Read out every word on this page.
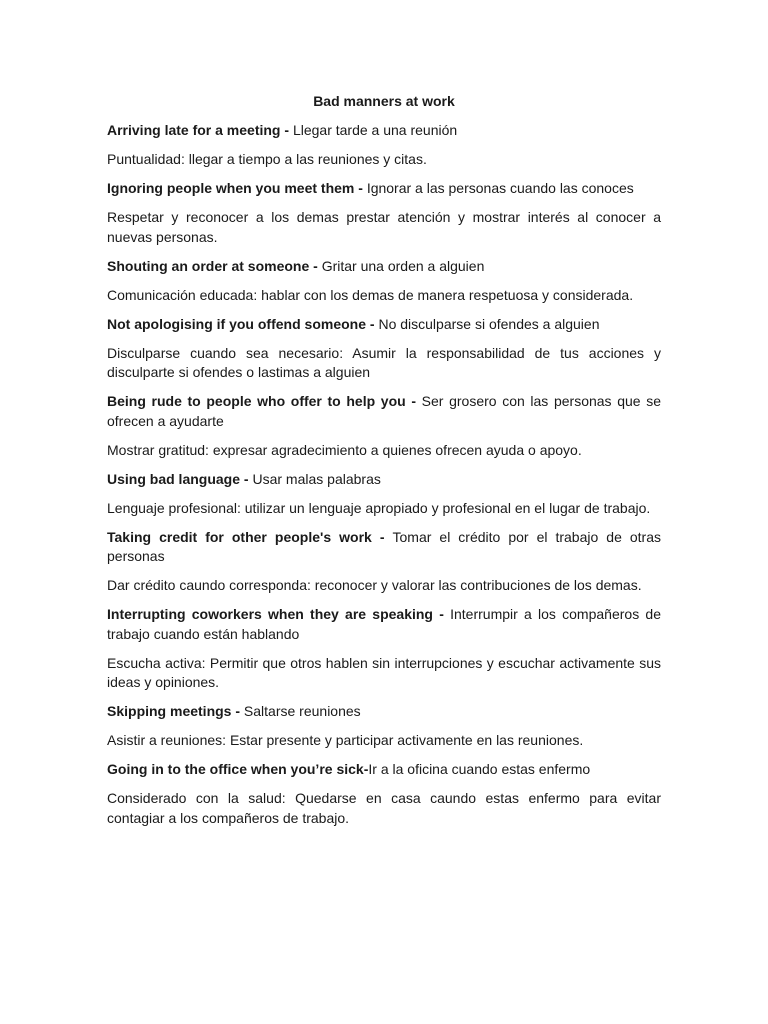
Bad manners at work

Arriving late for a meeting - Llegar tarde a una reunión

Puntualidad: llegar a tiempo a las reuniones y citas.

Ignoring people when you meet them - Ignorar a las personas cuando las conoces

Respetar y reconocer a los demas prestar atención y mostrar interés al conocer a nuevas personas.

Shouting an order at someone - Gritar una orden a alguien

Comunicación educada: hablar con los demas de manera respetuosa y considerada.

Not apologising if you offend someone - No disculparse si ofendes a alguien

Disculparse cuando sea necesario: Asumir la responsabilidad de tus acciones y disculparte si ofendes o lastimas a alguien

Being rude to people who offer to help you - Ser grosero con las personas que se ofrecen a ayudarte

Mostrar gratitud: expresar agradecimiento a quienes ofrecen ayuda o apoyo.

Using bad language - Usar malas palabras

Lenguaje profesional: utilizar un lenguaje apropiado y profesional en el lugar de trabajo.

Taking credit for other people's work - Tomar el crédito por el trabajo de otras personas

Dar crédito caundo corresponda: reconocer y valorar las contribuciones de los demas.

Interrupting coworkers when they are speaking - Interrumpir a los compañeros de trabajo cuando están hablando

Escucha activa: Permitir que otros hablen sin interrupciones y escuchar activamente sus ideas y opiniones.

Skipping meetings - Saltarse reuniones

Asistir a reuniones: Estar presente y participar activamente en las reuniones.

Going in to the office when you’re sick-Ir a la oficina cuando estas enfermo

Considerado con la salud: Quedarse en casa caundo estas enfermo para evitar contagiar a los compañeros de trabajo.
